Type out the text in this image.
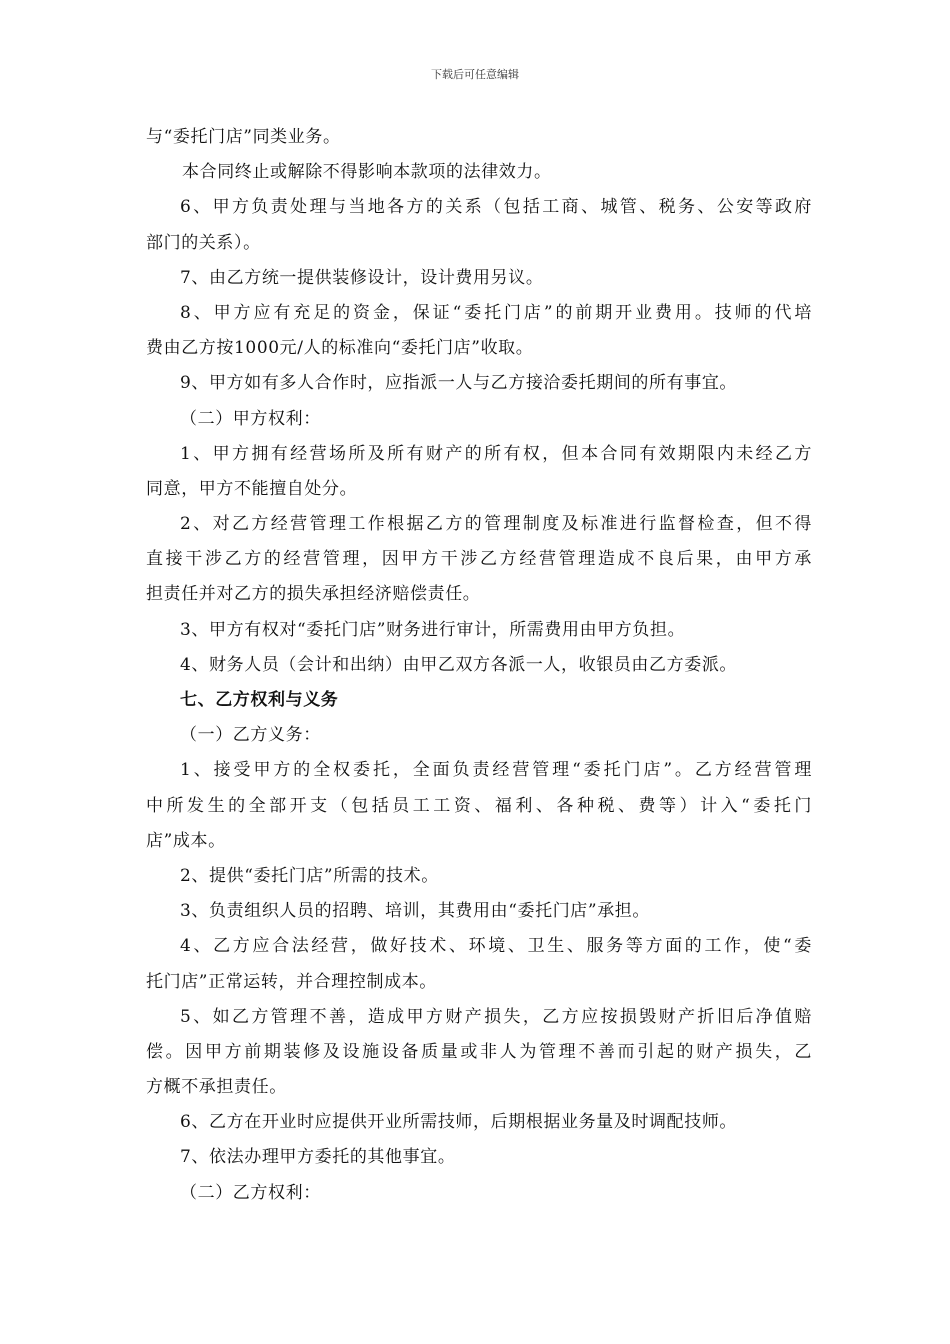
下载后可任意编辑
与“委托门店”同类业务。
本合同终止或解除不得影响本款项的法律效力。
6、甲方负责处理与当地各方的关系（包括工商、城管、税务、公安等政府
部门的关系）。
7、由乙方统一提供装修设计，设计费用另议。
8、甲方应有充足的资金，保证“委托门店”的前期开业费用。技师的代培
费由乙方按1000元/人的标准向“委托门店”收取。
9、甲方如有多人合作时，应指派一人与乙方接洽委托期间的所有事宜。
（二）甲方权利：
1、甲方拥有经营场所及所有财产的所有权，但本合同有效期限内未经乙方
同意，甲方不能擅自处分。
2、对乙方经营管理工作根据乙方的管理制度及标准进行监督检查，但不得
直接干涉乙方的经营管理，因甲方干涉乙方经营管理造成不良后果，由甲方承
担责任并对乙方的损失承担经济赔偿责任。
3、甲方有权对“委托门店”财务进行审计，所需费用由甲方负担。
4、财务人员（会计和出纳）由甲乙双方各派一人，收银员由乙方委派。
七、乙方权利与义务
（一）乙方义务：
1、接受甲方的全权委托，全面负责经营管理“委托门店”。乙方经营管理
中所发生的全部开支（包括员工工资、福利、各种税、费等）计入“委托门
店”成本。
2、提供“委托门店”所需的技术。
3、负责组织人员的招聘、培训，其费用由“委托门店”承担。
4、乙方应合法经营，做好技术、环境、卫生、服务等方面的工作，使“委
托门店”正常运转，并合理控制成本。
5、如乙方管理不善，造成甲方财产损失，乙方应按损毁财产折旧后净值赔
偿。因甲方前期装修及设施设备质量或非人为管理不善而引起的财产损失，乙
方概不承担责任。
6、乙方在开业时应提供开业所需技师，后期根据业务量及时调配技师。
7、依法办理甲方委托的其他事宜。
（二）乙方权利：
